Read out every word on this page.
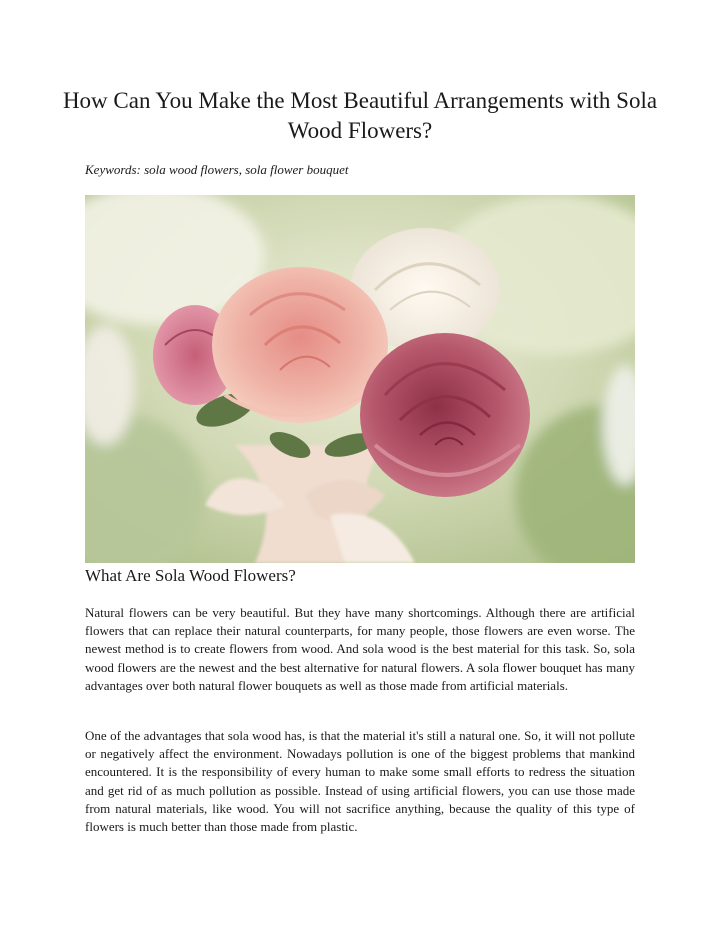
How Can You Make the Most Beautiful Arrangements with Sola Wood Flowers?

Keywords: sola wood flowers, sola flower bouquet

What Are Sola Wood Flowers?

Natural flowers can be very beautiful. But they have many shortcomings. Although there are artificial flowers that can replace their natural counterparts, for many people, those flowers are even worse. The newest method is to create flowers from wood. And sola wood is the best material for this task. So, sola wood flowers are the newest and the best alternative for natural flowers. A sola flower bouquet has many advantages over both natural flower bouquets as well as those made from artificial materials.

One of the advantages that sola wood has, is that the material it's still a natural one. So, it will not pollute or negatively affect the environment. Nowadays pollution is one of the biggest problems that mankind encountered. It is the responsibility of every human to make some small efforts to redress the situation and get rid of as much pollution as possible. Instead of using artificial flowers, you can use those made from natural materials, like wood. You will not sacrifice anything, because the quality of this type of flowers is much better than those made from plastic.
